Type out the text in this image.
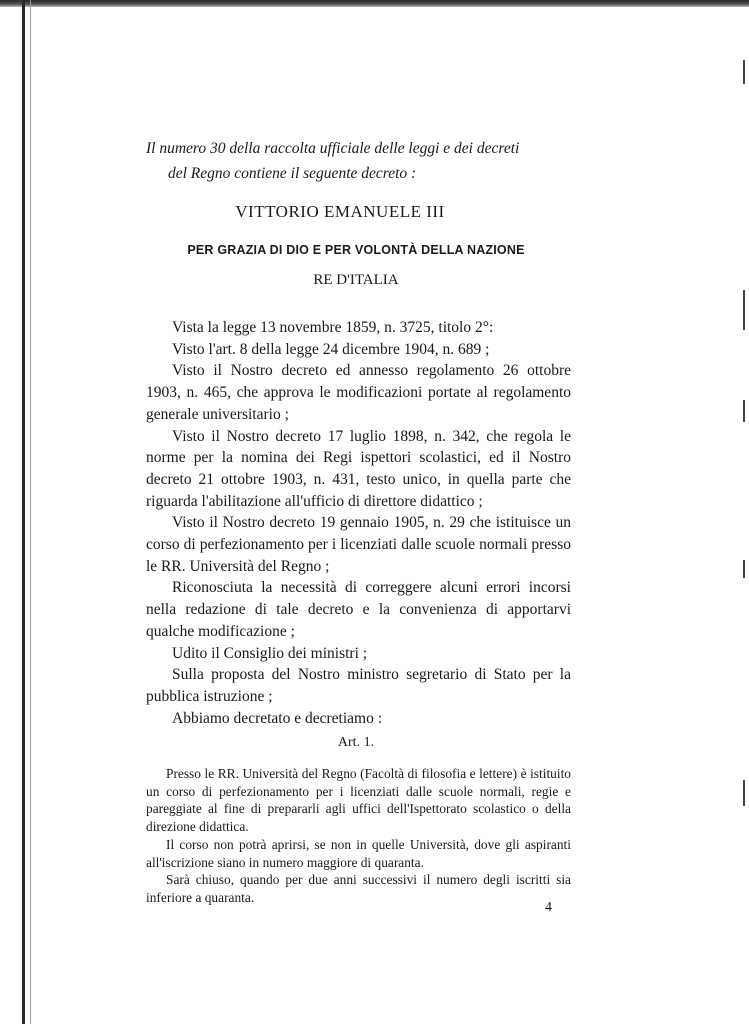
Il numero 30 della raccolta ufficiale delle leggi e dei decreti
del Regno contiene il seguente decreto :

VITTORIO EMANUELE III
PER GRAZIA DI DIO E PER VOLONTÀ DELLA NAZIONE
RE D'ITALIA

Vista la legge 13 novembre 1859, n. 3725, titolo 2°:

Visto l'art. 8 della legge 24 dicembre 1904, n. 689 ;

Visto il Nostro decreto ed annesso regolamento 26 ottobre 1903, n. 465, che approva le modificazioni portate al regolamento generale universitario ;

Visto il Nostro decreto 17 luglio 1898, n. 342, che regola le norme per la nomina dei Regi ispettori scolastici, ed il Nostro decreto 21 ottobre 1903, n. 431, testo unico, in quella parte che riguarda l'abilitazione all'ufficio di direttore didattico ;

Visto il Nostro decreto 19 gennaio 1905, n. 29 che istituisce un corso di perfezionamento per i licenziati dalle scuole normali presso le RR. Università del Regno ;

Riconosciuta la necessità di correggere alcuni errori incorsi nella redazione di tale decreto e la convenienza di apportarvi qualche modificazione ;

Udito il Consiglio dei ministri ;

Sulla proposta del Nostro ministro segretario di Stato per la pubblica istruzione ;

Abbiamo decretato e decretiamo :

Art. 1.

Presso le RR. Università del Regno (Facoltà di filosofia e lettere) è istituito un corso di perfezionamento per i licenziati dalle scuole normali, regie e pareggiate al fine di prepararli agli uffici dell'Ispettorato scolastico o della direzione didattica.

Il corso non potrà aprirsi, se non in quelle Università, dove gli aspiranti all'iscrizione siano in numero maggiore di quaranta.

Sarà chiuso, quando per due anni successivi il numero degli iscritti sia inferiore a quaranta.

4
